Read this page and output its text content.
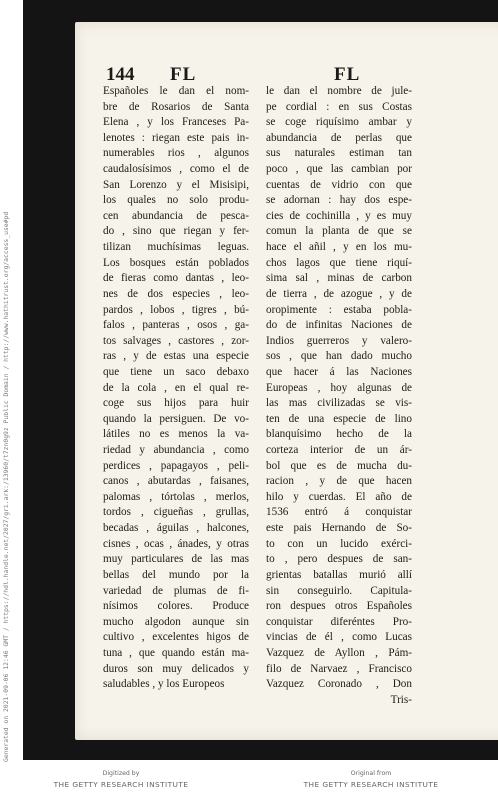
144 FL	FL
Españoles le dan el nom-
bre de Rosarios de Santa
Elena , y los Franceses Pa-
lenotes : riegan este pais in-
numerables rios , algunos
caudalosísimos , como el de
San Lorenzo y el Misisipi,
los quales no solo produ-
cen abundancia de pesca-
do , sino que riegan y fer-
tilizan muchísimas leguas.
Los bosques están poblados
de fieras como dantas , leo-
nes de dos especies , leo-
pardos , lobos , tigres , bú-
falos , panteras , osos , ga-
tos salvages , castores , zor-
ras , y de estas una especie
que tiene un saco debaxo
de la cola , en el qual re-
coge sus hijos para huir
quando la persiguen. De vo-
látiles no es menos la va-
riedad y abundancia , como
perdices , papagayos , peli-
canos , abutardas , faisanes,
palomas , tórtolas , merlos,
tordos , cigueñas , grullas,
becadas , águilas , halcones,
cisnes , ocas , ánades, y otras
muy particulares de las mas
bellas del mundo por la
variedad de plumas de fi-
nísimos colores. Produce
mucho algodon aunque sin
cultivo , excelentes higos de
tuna , que quando están ma-
duros son muy delicados y
saludables , y los Europeos
le dan el nombre de jule-
pe cordial : en sus Costas
se coge riquísimo ambar y
abundancia de perlas que
sus naturales estiman tan
poco , que las cambian por
cuentas de vidrio con que
se adornan : hay dos espe-
cies de cochinilla , y es muy
comun la planta de que se
hace el añil , y en los mu-
chos lagos que tiene riquí-
sima sal , minas de carbon
de tierra , de azogue , y de
oropimente : estaba pobla-
do de infinitas Naciones de
Indios guerreros y valero-
sos , que han dado mucho
que hacer á las Naciones
Europeas , hoy algunas de
las mas civilizadas se vis-
ten de una especie de lino
blanquísimo hecho de la
corteza interior de un ár-
bol que es de mucha du-
racion , y de que hacen
hilo y cuerdas. El año de
1536 entró á conquistar
este pais Hernando de So-
to con un lucido exérci-
to , pero despues de san-
grientas batallas murió allí
sin conseguirlo. Capitula-
ron despues otros Españoles
conquistar diferéntes Pro-
vincias de él , como Lucas
Vazquez de Ayllon , Pám-
filo de Narvaez , Francisco
Vazquez Coronado , Don
Tris-
Generated on 2021-09-06 12:46 GMT / https://hdl.handle.net/2027/gri.ark:/13960/t7zn0g9z Public Domain / http://www.hathitrust.org/access_use#pd
Digitized by
THE GETTY RESEARCH INSTITUTE
Original from
THE GETTY RESEARCH INSTITUTE
